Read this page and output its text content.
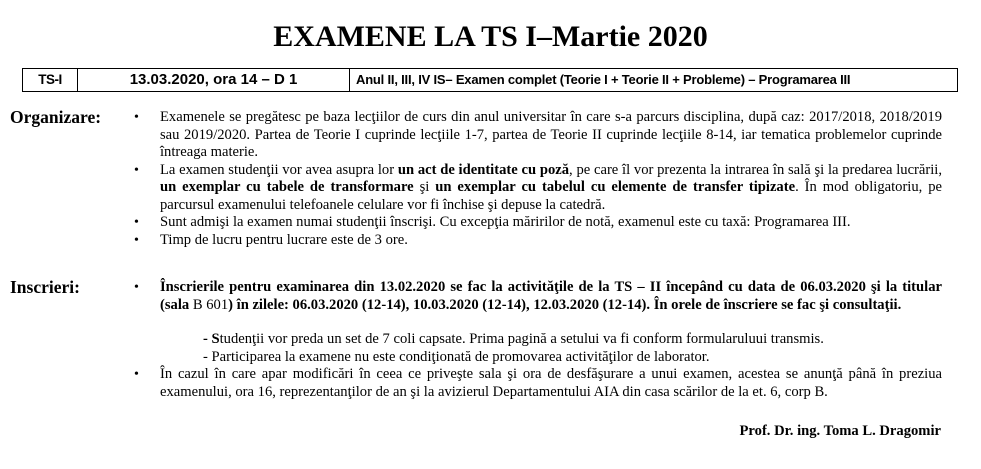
EXAMENE LA TS I–Martie 2020
TS-I	13.03.2020, ora 14 – D 1	Anul II, III, IV IS– Examen complet (Teorie I + Teorie II + Probleme) – Programarea III
Organizare:	• Examenele se pregătesc pe baza lecţiilor de curs din anul universitar în care s-a parcurs disciplina, după caz: 2017/2018, 2018/2019 sau 2019/2020. Partea de Teorie I cuprinde lecţiile 1-7, partea de Teorie II cuprinde lecţiile 8-14, iar tematica problemelor cuprinde întreaga materie.
• La examen studenţii vor avea asupra lor un act de identitate cu poză, pe care îl vor prezenta la intrarea în sală şi la predarea lucrării, un exemplar cu tabele de transformare şi un exemplar cu tabelul cu elemente de transfer tipizate. În mod obligatoriu, pe parcursul examenului telefoanele celulare vor fi închise şi depuse la catedră.
• Sunt admişi la examen numai studenţii înscrişi. Cu excepţia măririlor de notă, examenul este cu taxă: Programarea III.
• Timp de lucru pentru lucrare este de 3 ore.
Inscrieri:	• Înscrierile pentru examinarea din 13.02.2020 se fac la activităţile de la TS – II începând cu data de 06.03.2020 şi la titular (sala B 601) în zilele: 06.03.2020 (12-14), 10.03.2020 (12-14), 12.03.2020 (12-14). În orele de înscriere se fac şi consultaţii.
- Studenţii vor preda un set de 7 coli capsate. Prima pagină a setului va fi conform formularuluui transmis.
- Participarea la examene nu este condiţionată de promovarea activităţilor de laborator.
• În cazul în care apar modificări în ceea ce priveşte sala şi ora de desfăşurare a unui examen, acestea se anunţă până în preziua examenului, ora 16, reprezentanţilor de an şi la avizierul Departamentului AIA din casa scărilor de la et. 6, corp B.
Prof. Dr. ing. Toma L. Dragomir
